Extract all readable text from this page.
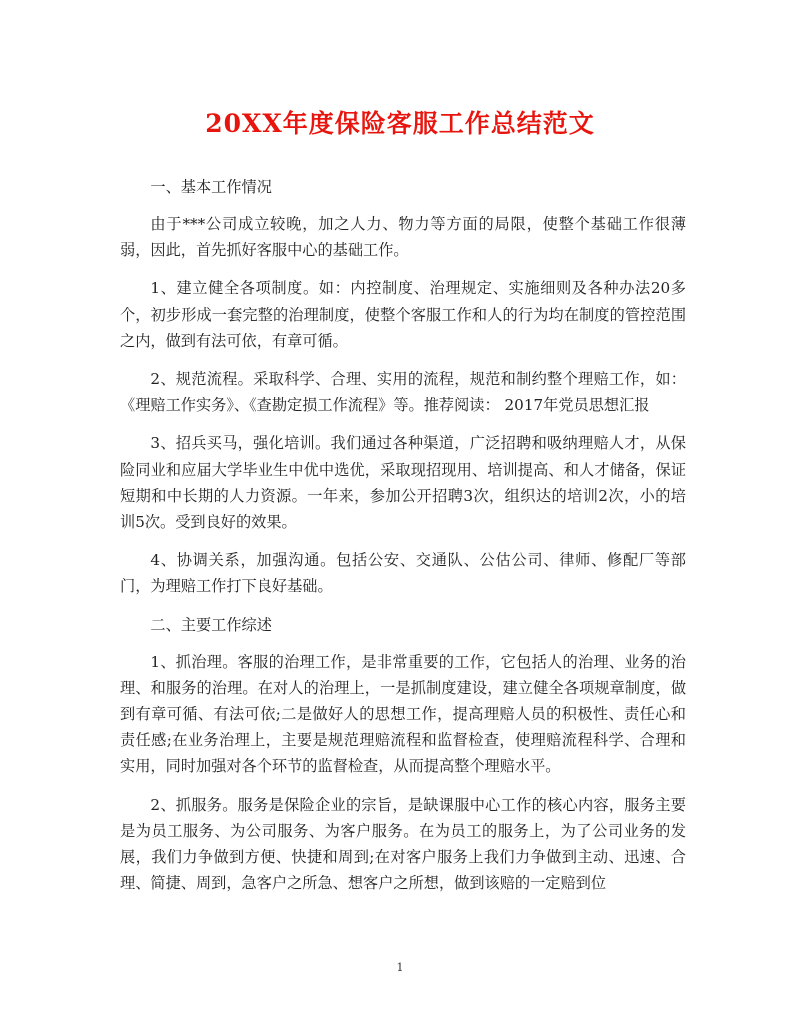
20XX年度保险客服工作总结范文
一、基本工作情况

由于***公司成立较晚，加之人力、物力等方面的局限，使整个基础工作很薄弱，因此，首先抓好客服中心的基础工作。

1、建立健全各项制度。如：内控制度、治理规定、实施细则及各种办法20多个，初步形成一套完整的治理制度，使整个客服工作和人的行为均在制度的管控范围之内，做到有法可依，有章可循。

2、规范流程。采取科学、合理、实用的流程，规范和制约整个理赔工作，如：《理赔工作实务》、《查勘定损工作流程》等。推荐阅读： 2017年党员思想汇报

3、招兵买马，强化培训。我们通过各种渠道，广泛招聘和吸纳理赔人才，从保险同业和应届大学毕业生中优中选优，采取现招现用、培训提高、和人才储备，保证短期和中长期的人力资源。一年来，参加公开招聘3次，组织达的培训2次，小的培训5次。受到良好的效果。

4、协调关系，加强沟通。包括公安、交通队、公估公司、律师、修配厂等部门，为理赔工作打下良好基础。

二、主要工作综述

1、抓治理。客服的治理工作，是非常重要的工作，它包括人的治理、业务的治理、和服务的治理。在对人的治理上，一是抓制度建设，建立健全各项规章制度，做到有章可循、有法可依;二是做好人的思想工作，提高理赔人员的积极性、责任心和责任感;在业务治理上，主要是规范理赔流程和监督检查，使理赔流程科学、合理和实用，同时加强对各个环节的监督检查，从而提高整个理赔水平。

2、抓服务。服务是保险企业的宗旨，是缺课服中心工作的核心内容，服务主要是为员工服务、为公司服务、为客户服务。在为员工的服务上，为了公司业务的发展，我们力争做到方便、快捷和周到;在对客户服务上我们力争做到主动、迅速、合理、简捷、周到，急客户之所急、想客户之所想，做到该赔的一定赔到位

1
